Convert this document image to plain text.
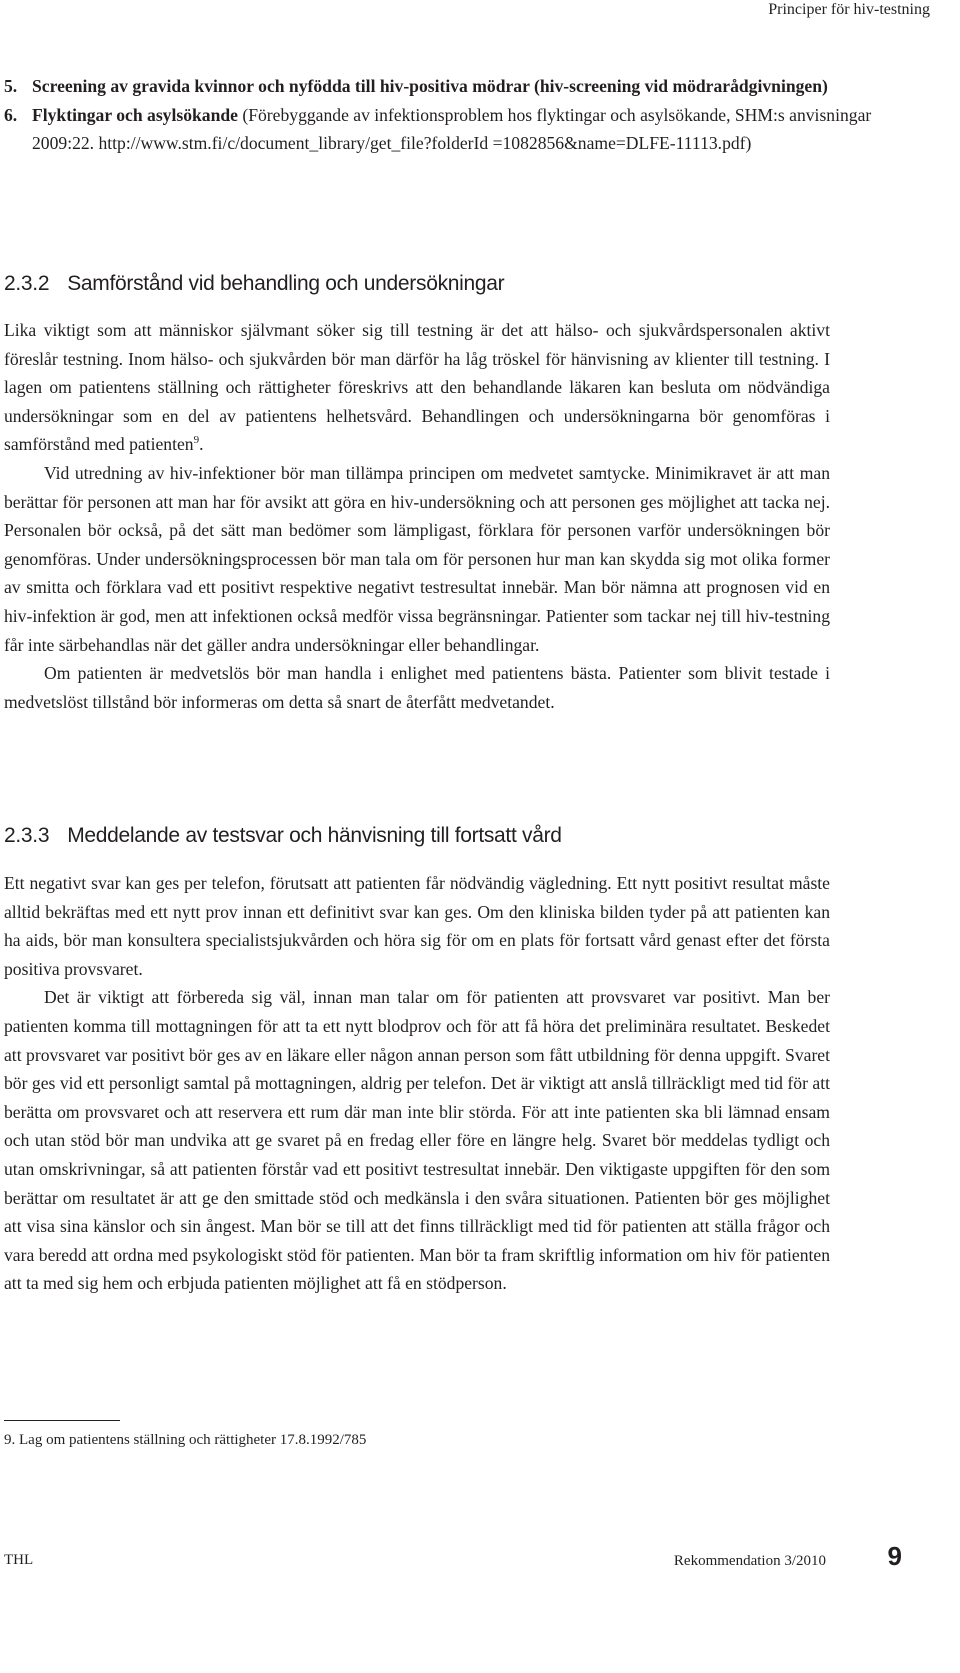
Principer för hiv-testning
5. Screening av gravida kvinnor och nyfödda till hiv-positiva mödrar (hiv-screening vid mödrarådgivningen)
6. Flyktingar och asylsökande (Förebyggande av infektionsproblem hos flyktingar och asylsökande, SHM:s anvisningar 2009:22. http://www.stm.fi/c/document_library/get_file?folderId =1082856&name=DLFE-11113.pdf)
2.3.2 Samförstånd vid behandling och undersökningar

Lika viktigt som att människor självmant söker sig till testning är det att hälso- och sjukvårdspersonalen aktivt föreslår testning. Inom hälso- och sjukvården bör man därför ha låg tröskel för hänvisning av klienter till testning. I lagen om patientens ställning och rättigheter föreskrivs att den behandlande läkaren kan besluta om nödvändiga undersökningar som en del av patientens helhetsvård. Behandlingen och undersökningarna bör genomföras i samförstånd med patienten$^9$.

Vid utredning av hiv-infektioner bör man tillämpa principen om medvetet samtycke. Minimikravet är att man berättar för personen att man har för avsikt att göra en hiv-undersökning och att personen ges möjlighet att tacka nej. Personalen bör också, på det sätt man bedömer som lämpligast, förklara för personen varför undersökningen bör genomföras. Under undersökningsprocessen bör man tala om för personen hur man kan skydda sig mot olika former av smitta och förklara vad ett positivt respektive negativt testresultat innebär. Man bör nämna att prognosen vid en hiv-infektion är god, men att infektionen också medför vissa begränsningar. Patienter som tackar nej till hiv-testning får inte särbehandlas när det gäller andra undersökningar eller behandlingar.

Om patienten är medvetslös bör man handla i enlighet med patientens bästa. Patienter som blivit testade i medvetslöst tillstånd bör informeras om detta så snart de återfått medvetandet.

2.3.3 Meddelande av testsvar och hänvisning till fortsatt vård

Ett negativt svar kan ges per telefon, förutsatt att patienten får nödvändig vägledning. Ett nytt positivt resultat måste alltid bekräftas med ett nytt prov innan ett definitivt svar kan ges. Om den kliniska bilden tyder på att patienten kan ha aids, bör man konsultera specialistsjukvården och höra sig för om en plats för fortsatt vård genast efter det första positiva provsvaret.

Det är viktigt att förbereda sig väl, innan man talar om för patienten att provsvaret var positivt. Man ber patienten komma till mottagningen för att ta ett nytt blodprov och för att få höra det preliminära resultatet. Beskedet att provsvaret var positivt bör ges av en läkare eller någon annan person som fått utbildning för denna uppgift. Svaret bör ges vid ett personligt samtal på mottagningen, aldrig per telefon. Det är viktigt att anslå tillräckligt med tid för att berätta om provsvaret och att reservera ett rum där man inte blir störda. För att inte patienten ska bli lämnad ensam och utan stöd bör man undvika att ge svaret på en fredag eller före en längre helg. Svaret bör meddelas tydligt och utan omskrivningar, så att patienten förstår vad ett positivt testresultat innebär. Den viktigaste uppgiften för den som berättar om resultatet är att ge den smittade stöd och medkänsla i den svåra situationen. Patienten bör ges möjlighet att visa sina känslor och sin ångest. Man bör se till att det finns tillräckligt med tid för patienten att ställa frågor och vara beredd att ordna med psykologiskt stöd för patienten. Man bör ta fram skriftlig information om hiv för patienten att ta med sig hem och erbjuda patienten möjlighet att få en stödperson.

9. Lag om patientens ställning och rättigheter 17.8.1992/785
THL	Rekommendation 3/2010 9
